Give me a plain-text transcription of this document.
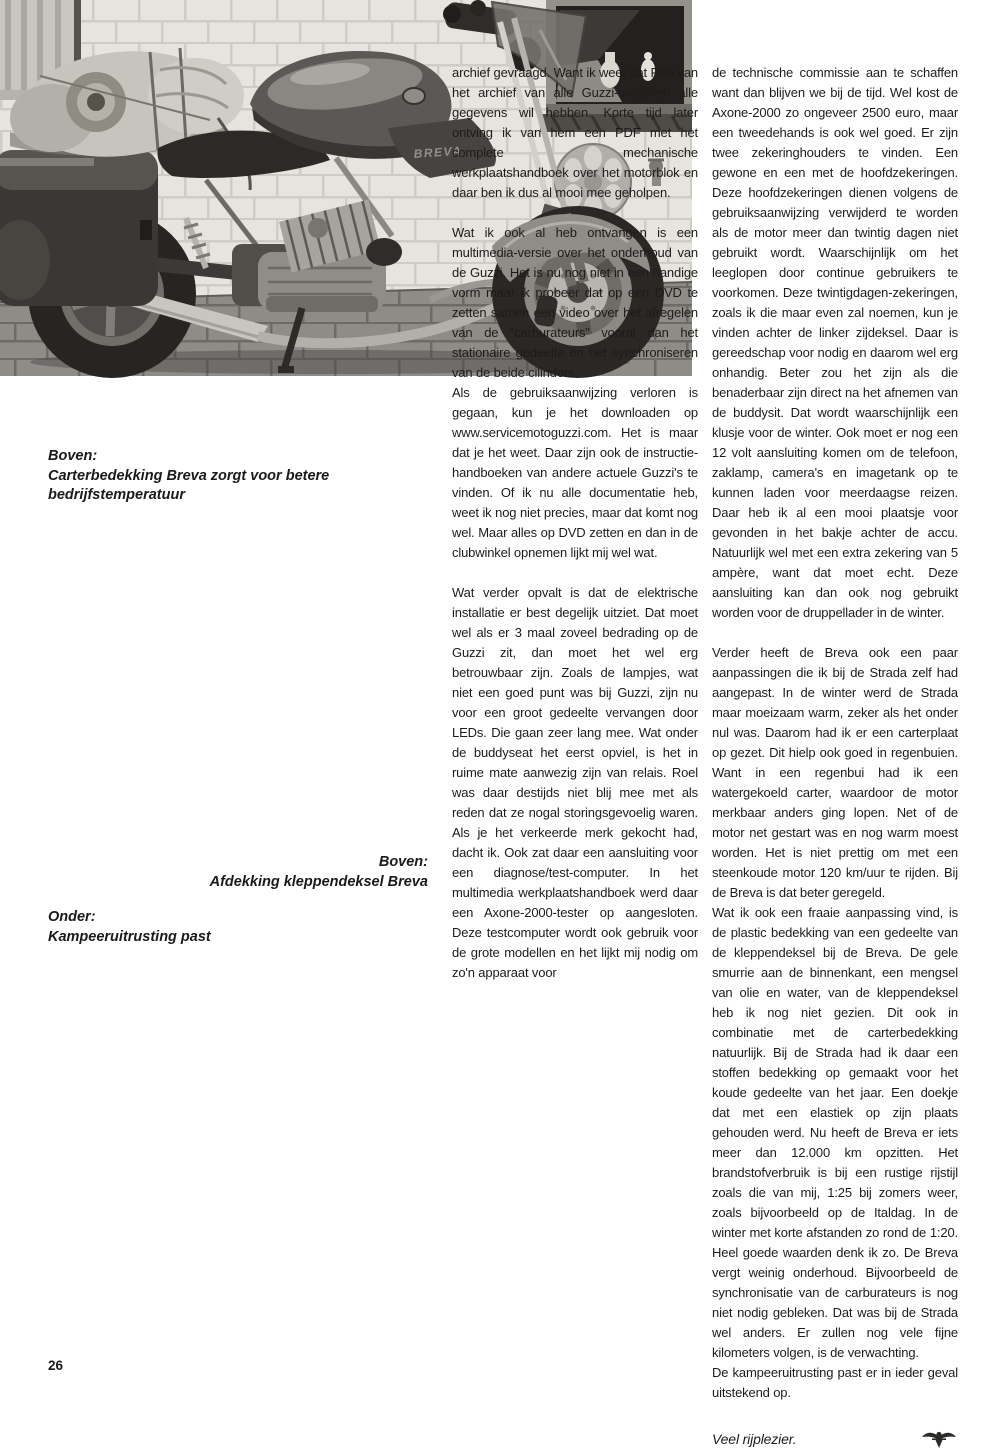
Boven:
Carterbedekking Breva zorgt voor betere bedrijfstemperatuur
Boven:
Afdekking kleppendeksel Breva
Onder:
Kampeeruitrusting past
BREVA

archief gevraagd. Want ik weet dat Rob van het archief van alle Guzzi-modellen alle gegevens wil hebben. Korte tijd later ontving ik van hem een PDF met het complete mechanische werkplaatshandboek over het motorblok en daar ben ik dus al mooi mee geholpen.

Wat ik ook al heb ontvangen is een multimedia-versie over het onderhoud van de Guzzi. Het is nu nog niet in een handige vorm maar ik probeer dat op een DVD te zetten samen een video over het afregelen van de “carburateurs” vooral dan het stationaire gedeelte en het synchroniseren van de beide cilinders.

Als de gebruiksaanwijzing verloren is gegaan, kun je het downloaden op www.servicemotoguzzi.com. Het is maar dat je het weet. Daar zijn ook de instructie-handboeken van andere actuele Guzzi's te vinden. Of ik nu alle documentatie heb, weet ik nog niet precies, maar dat komt nog wel. Maar alles op DVD zetten en dan in de clubwinkel opnemen lijkt mij wel wat.

Wat verder opvalt is dat de elektrische installatie er best degelijk uitziet. Dat moet wel als er 3 maal zoveel bedrading op de Guzzi zit, dan moet het wel erg betrouwbaar zijn. Zoals de lampjes, wat niet een goed punt was bij Guzzi, zijn nu voor een groot gedeelte vervangen door LEDs. Die gaan zeer lang mee. Wat onder de buddyseat het eerst opviel, is het in ruime mate aanwezig zijn van relais. Roel was daar destijds niet blij mee met als reden dat ze nogal storingsgevoelig waren. Als je het verkeerde merk gekocht had, dacht ik. Ook zat daar een aansluiting voor een diagnose/test-computer. In het multimedia werkplaatshandboek werd daar een Axone-2000-tester op aangesloten. Deze testcomputer wordt ook gebruik voor de grote modellen en het lijkt mij nodig om zo'n apparaat voor

de technische commissie aan te schaffen want dan blijven we bij de tijd. Wel kost de Axone-2000 zo ongeveer 2500 euro, maar een tweedehands is ook wel goed. Er zijn twee zekeringhouders te vinden. Een gewone en een met de hoofdzekeringen. Deze hoofdzekeringen dienen volgens de gebruiksaanwijzing verwijderd te worden als de motor meer dan twintig dagen niet gebruikt wordt. Waarschijnlijk om het leeglopen door continue gebruikers te voorkomen. Deze twintigdagen-zekeringen, zoals ik die maar even zal noemen, kun je vinden achter de linker zijdeksel. Daar is gereedschap voor nodig en daarom wel erg onhandig. Beter zou het zijn als die benaderbaar zijn direct na het afnemen van de buddysit. Dat wordt waarschijnlijk een klusje voor de winter. Ook moet er nog een 12 volt aansluiting komen om de telefoon, zaklamp, camera's en imagetank op te kunnen laden voor meerdaagse reizen. Daar heb ik al een mooi plaatsje voor gevonden in het bakje achter de accu. Natuurlijk wel met een extra zekering van 5 ampère, want dat moet echt. Deze aansluiting kan dan ook nog gebruikt worden voor de druppellader in de winter.

Verder heeft de Breva ook een paar aanpassingen die ik bij de Strada zelf had aangepast. In de winter werd de Strada maar moeizaam warm, zeker als het onder nul was. Daarom had ik er een carterplaat op gezet. Dit hielp ook goed in regenbuien. Want in een regenbui had ik een watergekoeld carter, waardoor de motor merkbaar anders ging lopen. Net of de motor net gestart was en nog warm moest worden. Het is niet prettig om met een steenkoude motor 120 km/uur te rijden. Bij de Breva is dat beter geregeld.

Wat ik ook een fraaie aanpassing vind, is de plastic bedekking van een gedeelte van de kleppendeksel bij de Breva. De gele smurrie aan de binnenkant, een mengsel van olie en water, van de kleppendeksel heb ik nog niet gezien. Dit ook in combinatie met de carterbedekking natuurlijk. Bij de Strada had ik daar een stoffen bedekking op gemaakt voor het koude gedeelte van het jaar. Een doekje dat met een elastiek op zijn plaats gehouden werd. Nu heeft de Breva er iets meer dan 12.000 km opzitten. Het brandstofverbruik is bij een rustige rijstijl zoals die van mij, 1:25 bij zomers weer, zoals bijvoorbeeld op de Italdag. In de winter met korte afstanden zo rond de 1:20. Heel goede waarden denk ik zo. De Breva vergt weinig onderhoud. Bijvoorbeeld de synchronisatie van de carburateurs is nog niet nodig gebleken. Dat was bij de Strada wel anders. Er zullen nog vele fijne kilometers volgen, is de verwachting.

De kampeeruitrusting past er in ieder geval uitstekend op.

Veel rijplezier.
26
